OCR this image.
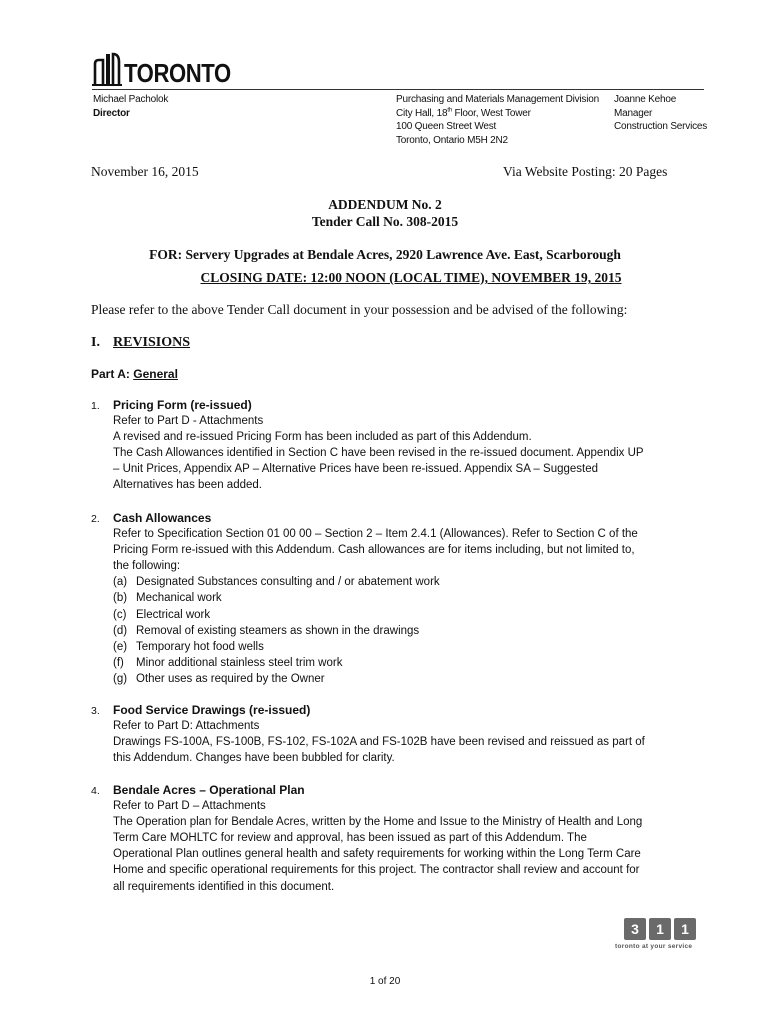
TORONTO
Michael Pacholok
Director
Purchasing and Materials Management Division
City Hall, 18th Floor, West Tower
100 Queen Street West
Toronto, Ontario M5H 2N2
Joanne Kehoe
Manager
Construction Services
November 16, 2015	Via Website Posting: 20 Pages
ADDENDUM No. 2
Tender Call No. 308-2015
FOR: Servery Upgrades at Bendale Acres, 2920 Lawrence Ave. East, Scarborough
CLOSING DATE: 12:00 NOON (LOCAL TIME), NOVEMBER 19, 2015
Please refer to the above Tender Call document in your possession and be advised of the following:
I. REVISIONS
Part A: General
1. Pricing Form (re-issued)
Refer to Part D - Attachments
A revised and re-issued Pricing Form has been included as part of this Addendum.
The Cash Allowances identified in Section C have been revised in the re-issued document. Appendix UP
– Unit Prices, Appendix AP – Alternative Prices have been re-issued. Appendix SA – Suggested
Alternatives has been added.
2. Cash Allowances
Refer to Specification Section 01 00 00 – Section 2 – Item 2.4.1 (Allowances). Refer to Section C of the
Pricing Form re-issued with this Addendum. Cash allowances are for items including, but not limited to,
the following:
(a) Designated Substances consulting and / or abatement work
(b) Mechanical work
(c) Electrical work
(d) Removal of existing steamers as shown in the drawings
(e) Temporary hot food wells
(f)	Minor additional stainless steel trim work
(g) Other uses as required by the Owner
3. Food Service Drawings (re-issued)
Refer to Part D: Attachments
Drawings FS-100A, FS-100B, FS-102, FS-102A and FS-102B have been revised and reissued as part of
this Addendum. Changes have been bubbled for clarity.
4. Bendale Acres – Operational Plan
Refer to Part D – Attachments
The Operation plan for Bendale Acres, written by the Home and Issue to the Ministry of Health and Long
Term Care MOHLTC for review and approval, has been issued as part of this Addendum. The
Operational Plan outlines general health and safety requirements for working within the Long Term Care
Home and specific operational requirements for this project. The contractor shall review and account for
all requirements identified in this document.
3	1	1
toronto at your service
1 of 20
